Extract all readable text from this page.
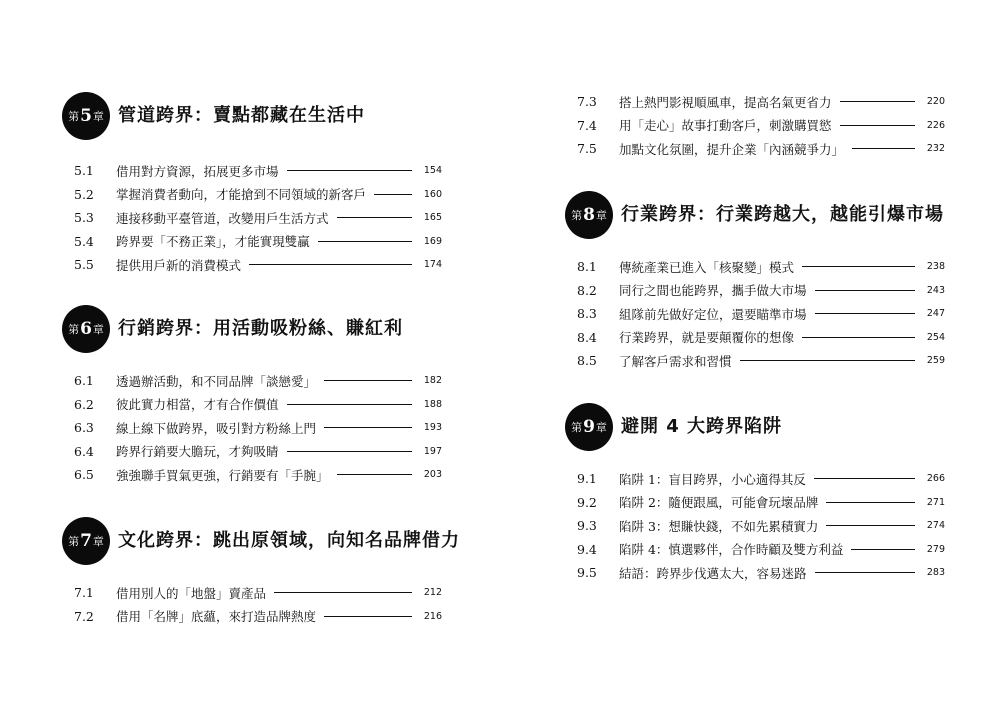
第 5 章 管道跨界：賣點都藏在生活中
5.1	借用對方資源，拓展更多市場	154
5.2	掌握消費者動向，才能搶到不同領域的新客戶	160
5.3	連接移動平臺管道，改變用戶生活方式	165
5.4	跨界要「不務正業」，才能實現雙贏	169
5.5	提供用戶新的消費模式	174
第 6 章 行銷跨界：用活動吸粉絲、賺紅利
6.1	透過辦活動，和不同品牌「談戀愛」	182
6.2	彼此實力相當，才有合作價值	188
6.3	線上線下做跨界，吸引對方粉絲上門	193
6.4	跨界行銷要大膽玩，才夠吸睛	197
6.5	強強聯手買氣更強，行銷要有「手腕」	203
第 7 章 文化跨界：跳出原領域，向知名品牌借力
7.1	借用別人的「地盤」賣產品	212
7.2	借用「名牌」底蘊，來打造品牌熱度	216
7.3	搭上熱門影視順風車，提高名氣更省力	220
7.4	用「走心」故事打動客戶，刺激購買慾	226
7.5	加點文化氛圍，提升企業「內涵競爭力」	232
第 8 章 行業跨界：行業跨越大，越能引爆市場
8.1	傳統產業已進入「核聚變」模式	238
8.2	同行之間也能跨界，攜手做大市場	243
8.3	組隊前先做好定位，還要瞄準市場	247
8.4	行業跨界，就是要顛覆你的想像	254
8.5	了解客戶需求和習慣	259
第 9 章 避開 4 大跨界陷阱
9.1	陷阱 1：盲目跨界，小心適得其反	266
9.2	陷阱 2：隨便跟風，可能會玩壞品牌	271
9.3	陷阱 3：想賺快錢，不如先累積實力	274
9.4	陷阱 4：慎選夥伴，合作時顧及雙方利益	279
9.5	結語：跨界步伐邁太大，容易迷路	283
